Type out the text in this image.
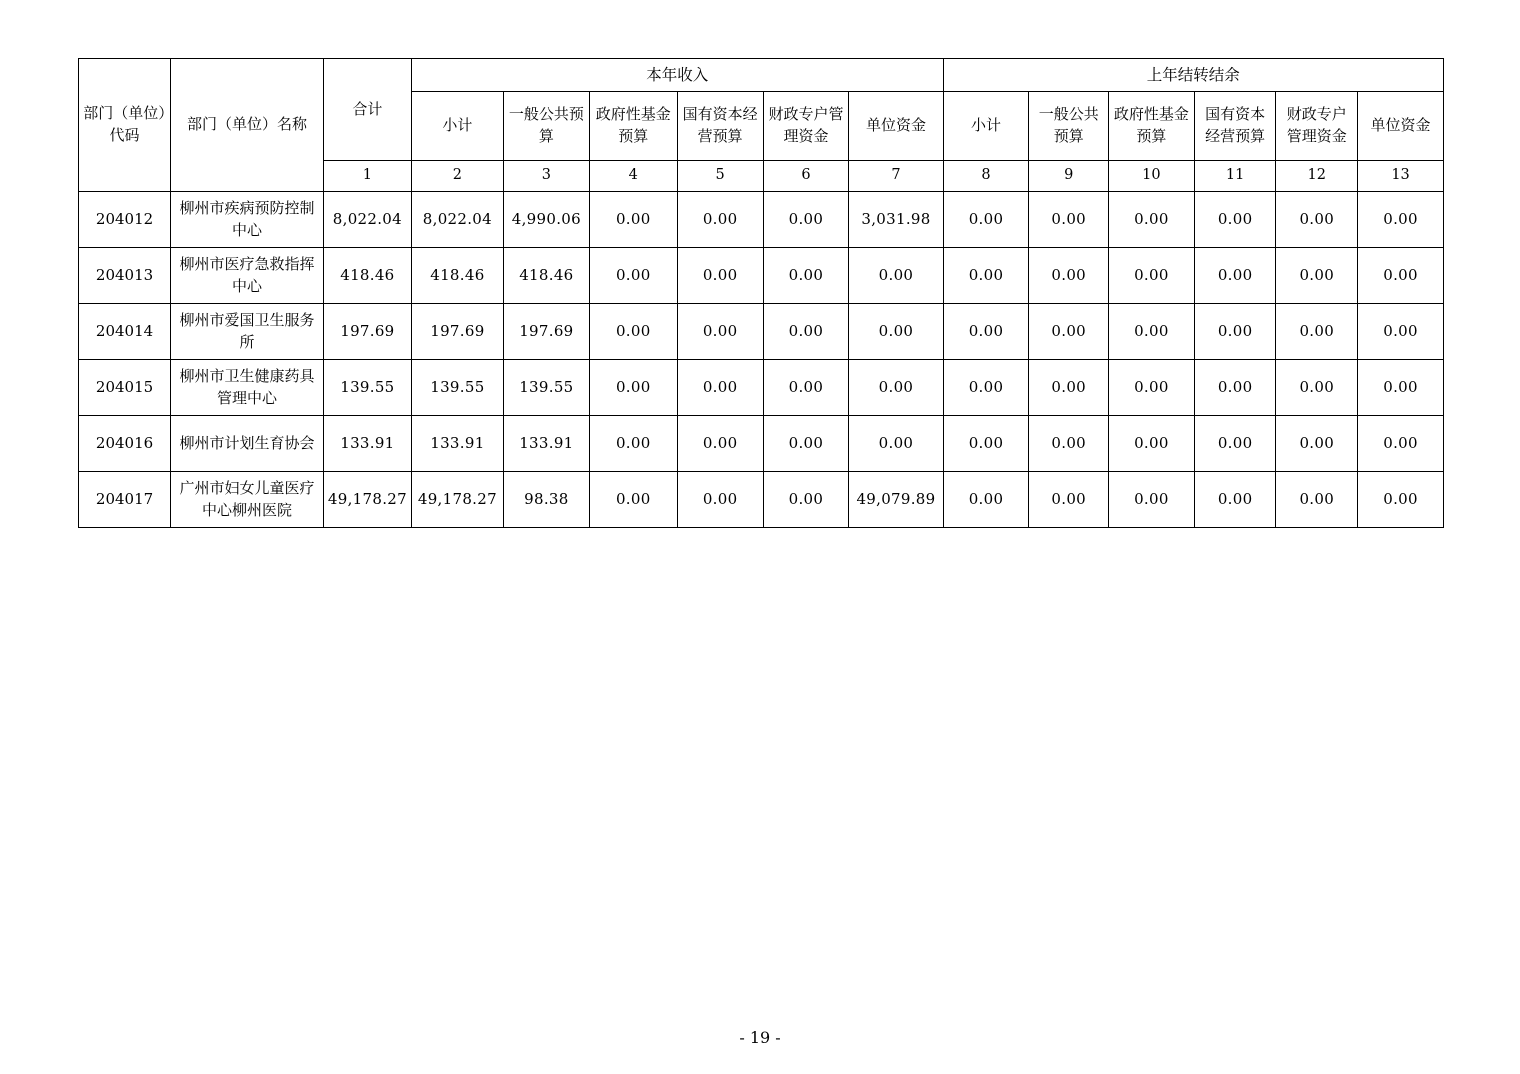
部门（单位）代码	部门（单位）名称	合计	本年收入						上年结转结余					
			小计	一般公共预算	政府性基金预算	国有资本经营预算	财政专户管理资金	单位资金	小计	一般公共预算	政府性基金预算	国有资本经营预算	财政专户管理资金	单位资金
		1	2	3	4	5	6	7	8	9	10	11	12	13
204012	柳州市疾病预防控制中心	8,022.04	8,022.04	4,990.06	0.00	0.00	0.00	3,031.98	0.00	0.00	0.00	0.00	0.00	0.00
204013	柳州市医疗急救指挥中心	418.46	418.46	418.46	0.00	0.00	0.00	0.00	0.00	0.00	0.00	0.00	0.00	0.00
204014	柳州市爱国卫生服务所	197.69	197.69	197.69	0.00	0.00	0.00	0.00	0.00	0.00	0.00	0.00	0.00	0.00
204015	柳州市卫生健康药具管理中心	139.55	139.55	139.55	0.00	0.00	0.00	0.00	0.00	0.00	0.00	0.00	0.00	0.00
204016	柳州市计划生育协会	133.91	133.91	133.91	0.00	0.00	0.00	0.00	0.00	0.00	0.00	0.00	0.00	0.00
204017	广州市妇女儿童医疗中心柳州医院	49,178.27	49,178.27	98.38	0.00	0.00	0.00	49,079.89	0.00	0.00	0.00	0.00	0.00	0.00
- 19 -
